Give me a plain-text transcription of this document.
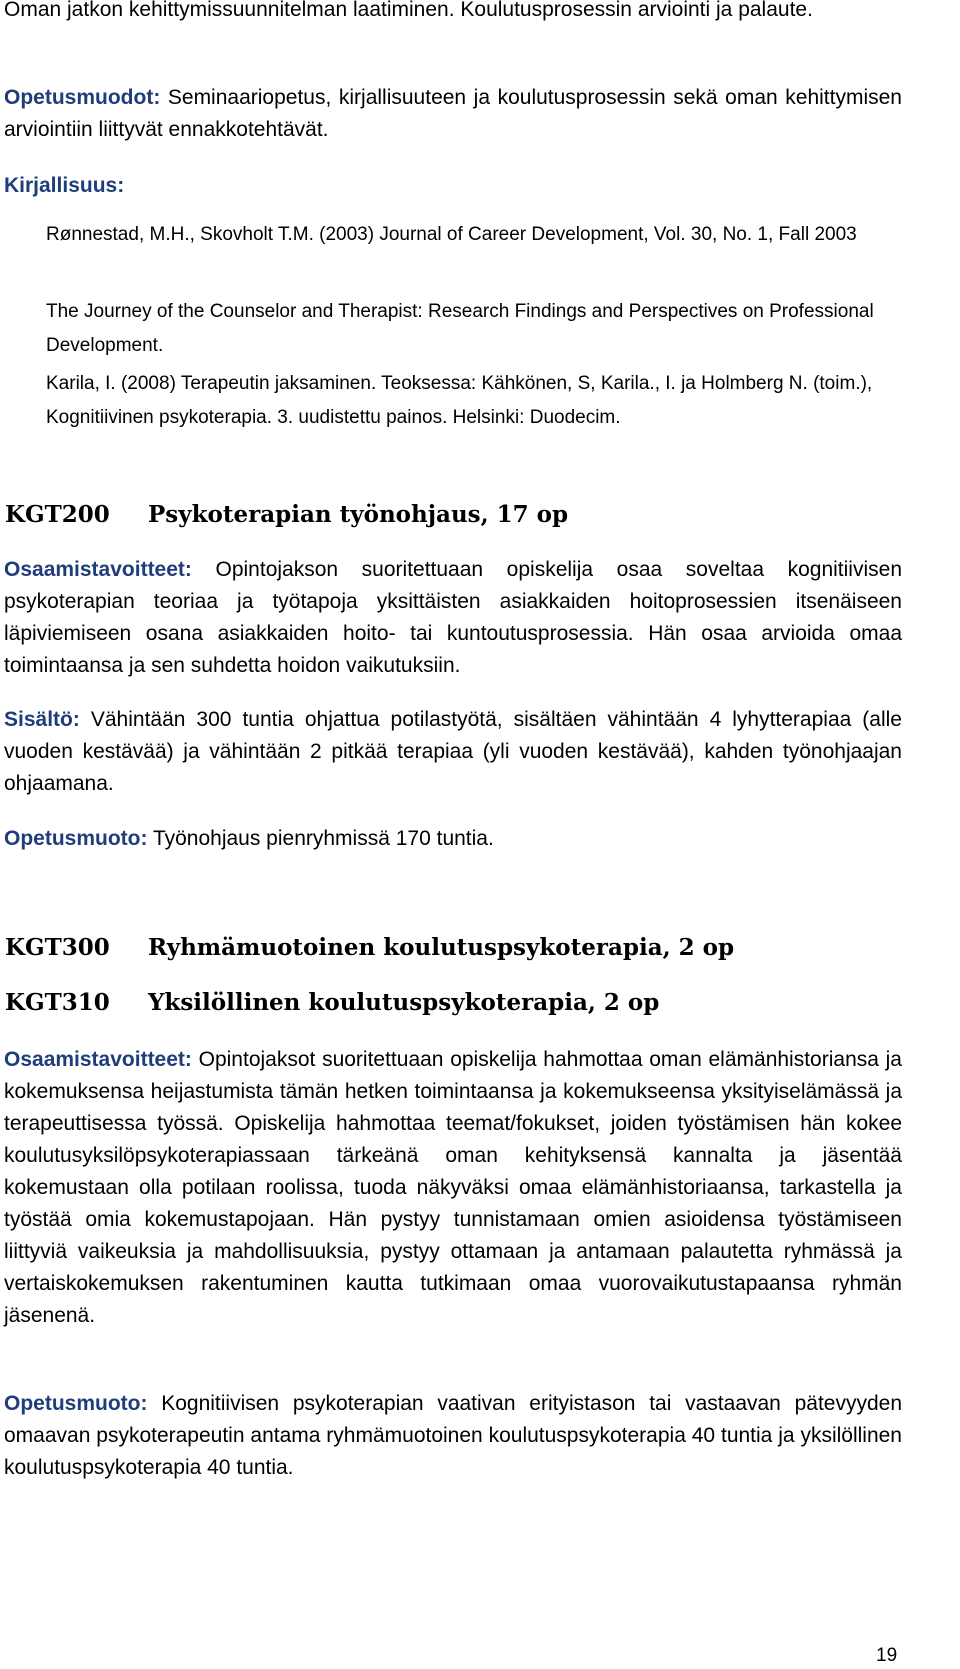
Oman jatkon kehittymissuunnitelman laatiminen. Koulutusprosessin arviointi ja palaute.
Opetusmuodot: Seminaariopetus, kirjallisuuteen ja koulutusprosessin sekä oman kehittymisen arviointiin liittyvät ennakkotehtävät.
Kirjallisuus:
Rønnestad, M.H., Skovholt T.M. (2003) Journal of Career Development, Vol. 30, No. 1, Fall 2003
The Journey of the Counselor and Therapist: Research Findings and Perspectives on Professional Development.
Karila, I. (2008) Terapeutin jaksaminen. Teoksessa: Kähkönen, S, Karila., I. ja Holmberg N. (toim.), Kognitiivinen psykoterapia. 3. uudistettu painos. Helsinki: Duodecim.
KGT200 Psykoterapian työnohjaus, 17 op
Osaamistavoitteet: Opintojakson suoritettuaan opiskelija osaa soveltaa kognitiivisen psykoterapian teoriaa ja työtapoja yksittäisten asiakkaiden hoitoprosessien itsenäiseen läpiviemiseen osana asiakkaiden hoito- tai kuntoutusprosessia. Hän osaa arvioida omaa toimintaansa ja sen suhdetta hoidon vaikutuksiin.
Sisältö: Vähintään 300 tuntia ohjattua potilastyötä, sisältäen vähintään 4 lyhytterapiaa (alle vuoden kestävää) ja vähintään 2 pitkää terapiaa (yli vuoden kestävää), kahden työnohjaajan ohjaamana.
Opetusmuoto: Työnohjaus pienryhmissä 170 tuntia.
KGT300 Ryhmämuotoinen koulutuspsykoterapia, 2 op
KGT310 Yksilöllinen koulutuspsykoterapia, 2 op
Osaamistavoitteet: Opintojaksot suoritettuaan opiskelija hahmottaa oman elämänhistoriansa ja kokemuksensa heijastumista tämän hetken toimintaansa ja kokemukseensa yksityiselämässä ja terapeuttisessa työssä. Opiskelija hahmottaa teemat/fokukset, joiden työstämisen hän kokee koulutusyksilöpsykoterapiassaan tärkeänä oman kehityksensä kannalta ja jäsentää kokemustaan olla potilaan roolissa, tuoda näkyväksi omaa elämänhistoriaansa, tarkastella ja työstää omia kokemustapojaan. Hän pystyy tunnistamaan omien asioidensa työstämiseen liittyviä vaikeuksia ja mahdollisuuksia, pystyy ottamaan ja antamaan palautetta ryhmässä ja vertaiskokemuksen rakentuminen kautta tutkimaan omaa vuorovaikutustapaansa ryhmän jäsenenä.
Opetusmuoto: Kognitiivisen psykoterapian vaativan erityistason tai vastaavan pätevyyden omaavan psykoterapeutin antama ryhmämuotoinen koulutuspsykoterapia 40 tuntia ja yksilöllinen koulutuspsykoterapia 40 tuntia.
19
